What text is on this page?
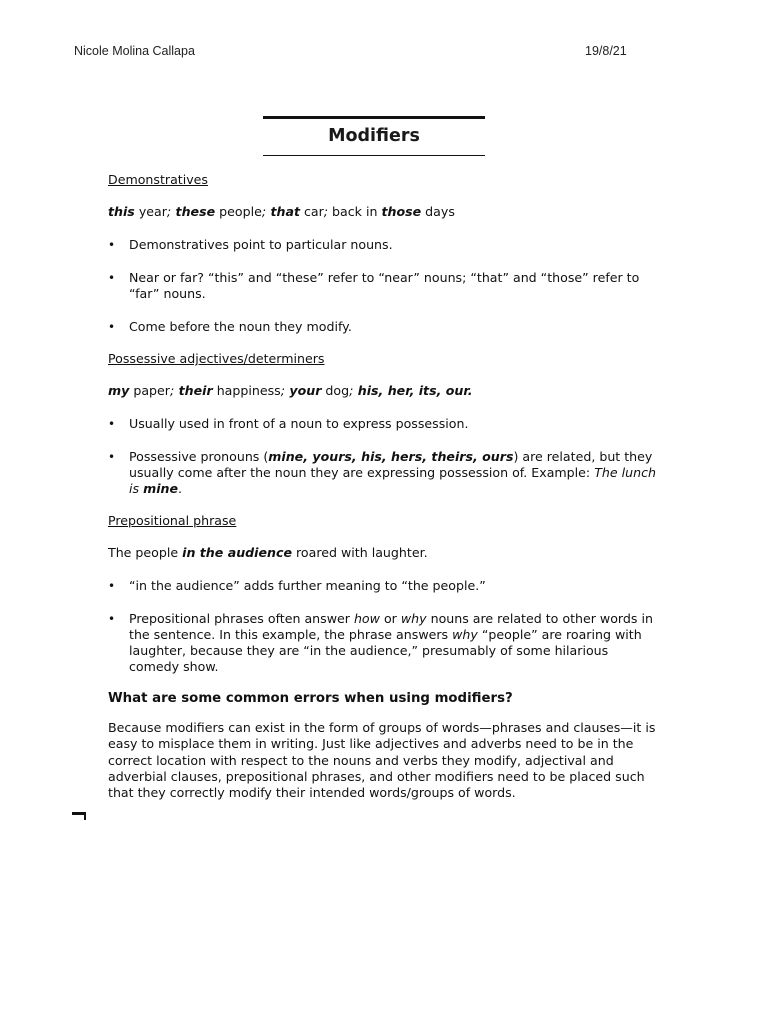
Nicole Molina Callapa	19/8/21
Modifiers

Demonstratives

this year; these people; that car; back in those days

• Demonstratives point to particular nouns.
• Near or far? “this” and “these” refer to “near” nouns; “that” and “those” refer to “far” nouns.
• Come before the noun they modify.

Possessive adjectives/determiners

my paper; their happiness; your dog; his, her, its, our.

• Usually used in front of a noun to express possession.
• Possessive pronouns (mine, yours, his, hers, theirs, ours) are related, but they usually come after the noun they are expressing possession of. Example: The lunch is mine.

Prepositional phrase

The people in the audience roared with laughter.

• “in the audience” adds further meaning to “the people.”
• Prepositional phrases often answer how or why nouns are related to other words in the sentence. In this example, the phrase answers why “people” are roaring with laughter, because they are “in the audience,” presumably of some hilarious comedy show.

What are some common errors when using modifiers?

Because modifiers can exist in the form of groups of words—phrases and clauses—it is easy to misplace them in writing. Just like adjectives and adverbs need to be in the correct location with respect to the nouns and verbs they modify, adjectival and adverbial clauses, prepositional phrases, and other modifiers need to be placed such that they correctly modify their intended words/groups of words.
